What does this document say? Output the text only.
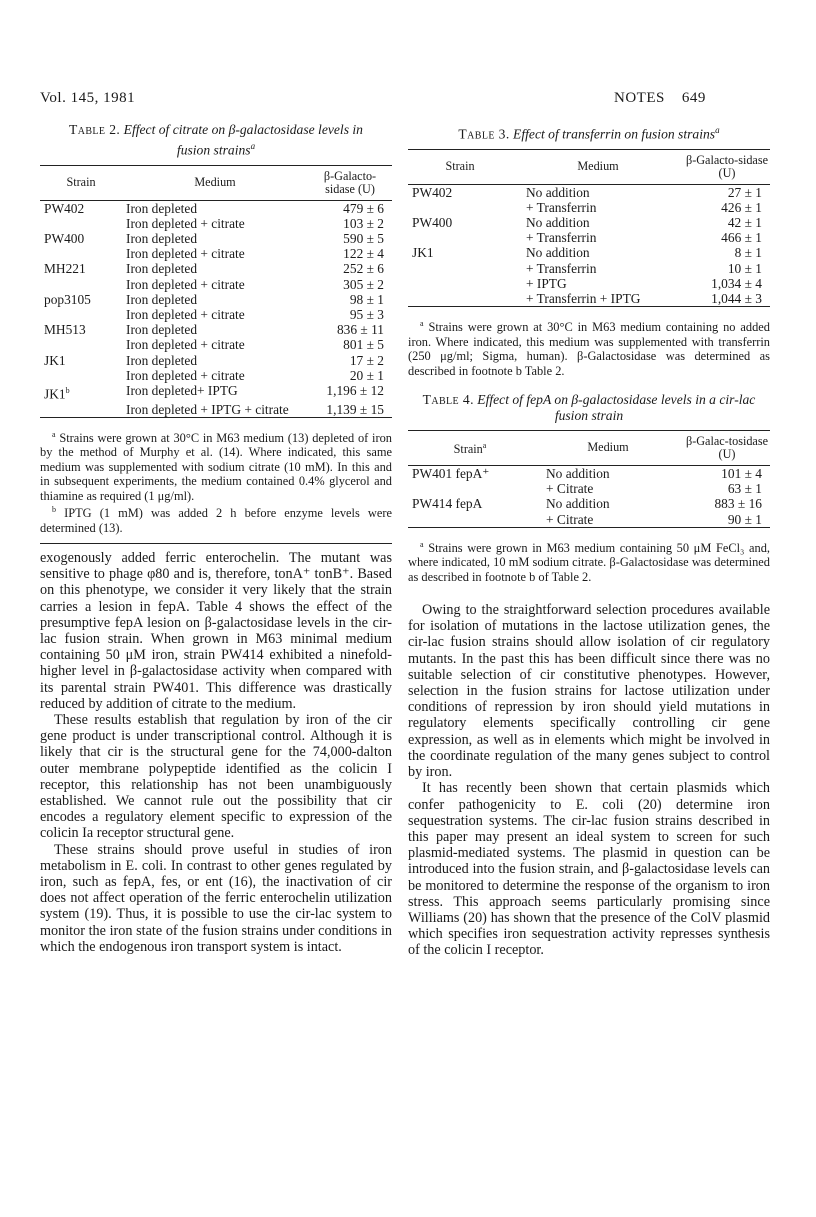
Vol. 145, 1981	NOTES    649
Table 2. Effect of citrate on β-galactosidase levels in fusion strains$^a$
Strain	Medium	β-Galacto-sidase (U)
PW402	Iron depleted	479 ± 6
	Iron depleted + citrate	103 ± 2
PW400	Iron depleted	590 ± 5
	Iron depleted + citrate	122 ± 4
MH221	Iron depleted	252 ± 6
	Iron depleted + citrate	305 ± 2
pop3105	Iron depleted	98 ± 1
	Iron depleted + citrate	95 ± 3
MH513	Iron depleted	836 ± 11
	Iron depleted + citrate	801 ± 5
JK1	Iron depleted	17 ± 2
	Iron depleted + citrate	20 ± 1
JK1$^b$	Iron depleted+ IPTG	1,196 ± 12
	Iron depleted + IPTG + citrate	1,139 ± 15

$^a$ Strains were grown at 30°C in M63 medium (13) depleted of iron by the method of Murphy et al. (14). Where indicated, this same medium was supplemented with sodium citrate (10 mM). In this and in subsequent experiments, the medium contained 0.4% glycerol and thiamine as required (1 μg/ml).

$^b$ IPTG (1 mM) was added 2 h before enzyme levels were determined (13).

exogenously added ferric enterochelin. The mutant was sensitive to phage φ80 and is, therefore, tonA⁺ tonB⁺. Based on this phenotype, we consider it very likely that the strain carries a lesion in fepA. Table 4 shows the effect of the presumptive fepA lesion on β-galactosidase levels in the cir-lac fusion strain. When grown in M63 minimal medium containing 50 μM iron, strain PW414 exhibited a ninefold-higher level in β-galactosidase activity when compared with its parental strain PW401. This difference was drastically reduced by addition of citrate to the medium.

These results establish that regulation by iron of the cir gene product is under transcriptional control. Although it is likely that cir is the structural gene for the 74,000-dalton outer membrane polypeptide identified as the colicin I receptor, this relationship has not been unambiguously established. We cannot rule out the possibility that cir encodes a regulatory element specific to expression of the colicin Ia receptor structural gene.

These strains should prove useful in studies of iron metabolism in E. coli. In contrast to other genes regulated by iron, such as fepA, fes, or ent (16), the inactivation of cir does not affect operation of the ferric enterochelin utilization system (19). Thus, it is possible to use the cir-lac system to monitor the iron state of the fusion strains under conditions in which the endogenous iron transport system is intact.

Table 3. Effect of transferrin on fusion strains$^a$
Strain	Medium	β-Galacto-sidase (U)
PW402	No addition	27 ± 1
	+ Transferrin	426 ± 1
PW400	No addition	42 ± 1
	+ Transferrin	466 ± 1
JK1	No addition	8 ± 1
	+ Transferrin	10 ± 1
	+ IPTG	1,034 ± 4
	+ Transferrin + IPTG	1,044 ± 3

$^a$ Strains were grown at 30°C in M63 medium containing no added iron. Where indicated, this medium was supplemented with transferrin (250 μg/ml; Sigma, human). β-Galactosidase was determined as described in footnote b Table 2.

Table 4. Effect of fepA on β-galactosidase levels in a cir-lac fusion strain
Strain$^a$	Medium	β-Galac-tosidase (U)
PW401 fepA⁺	No addition	101 ± 4
	+ Citrate	63 ± 1
PW414 fepA	No addition	883 ± 16
	+ Citrate	90 ± 1

$^a$ Strains were grown in M63 medium containing 50 μM FeCl₃ and, where indicated, 10 mM sodium citrate. β-Galactosidase was determined as described in footnote b of Table 2.

Owing to the straightforward selection procedures available for isolation of mutations in the lactose utilization genes, the cir-lac fusion strains should allow isolation of cir regulatory mutants. In the past this has been difficult since there was no suitable selection of cir constitutive phenotypes. However, selection in the fusion strains for lactose utilization under conditions of repression by iron should yield mutations in regulatory elements specifically controlling cir gene expression, as well as in elements which might be involved in the coordinate regulation of the many genes subject to control by iron.

It has recently been shown that certain plasmids which confer pathogenicity to E. coli (20) determine iron sequestration systems. The cir-lac fusion strains described in this paper may present an ideal system to screen for such plasmid-mediated systems. The plasmid in question can be introduced into the fusion strain, and β-galactosidase levels can be monitored to determine the response of the organism to iron stress. This approach seems particularly promising since Williams (20) has shown that the presence of the ColV plasmid which specifies iron sequestration activity represses synthesis of the colicin I receptor.
